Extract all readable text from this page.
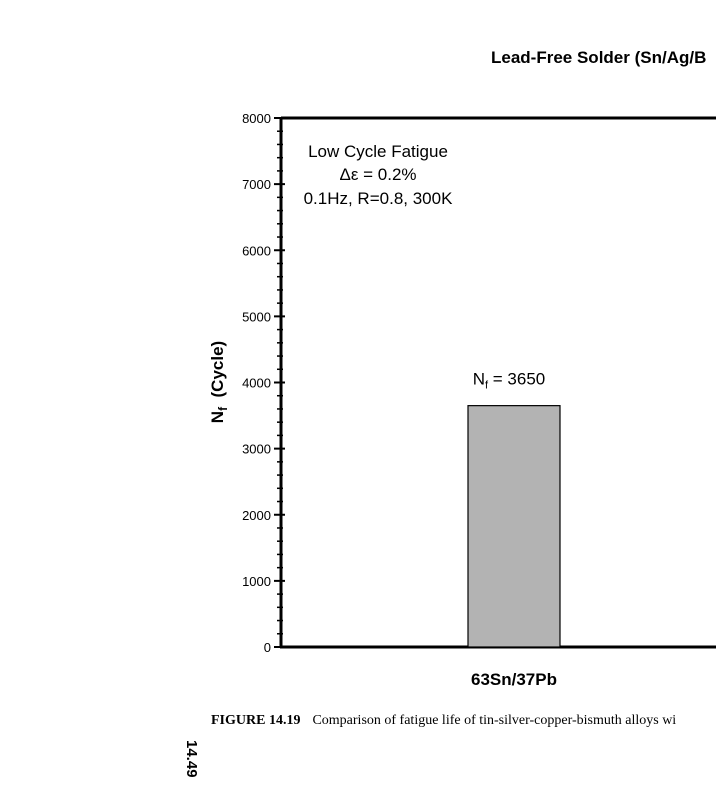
Lead-Free Solder (Sn/Ag/B
0
1000
2000
3000
4000
5000
6000
7000
8000
$N_f = 3650$
63Sn/37Pb
Low Cycle Fatigue
Δε = 0.2%
0.1Hz, R=0.8, 300K
$N_f$  (Cycle)
FIGURE 14.19 Comparison of fatigue life of tin-silver-copper-bismuth alloys wi
14.49
